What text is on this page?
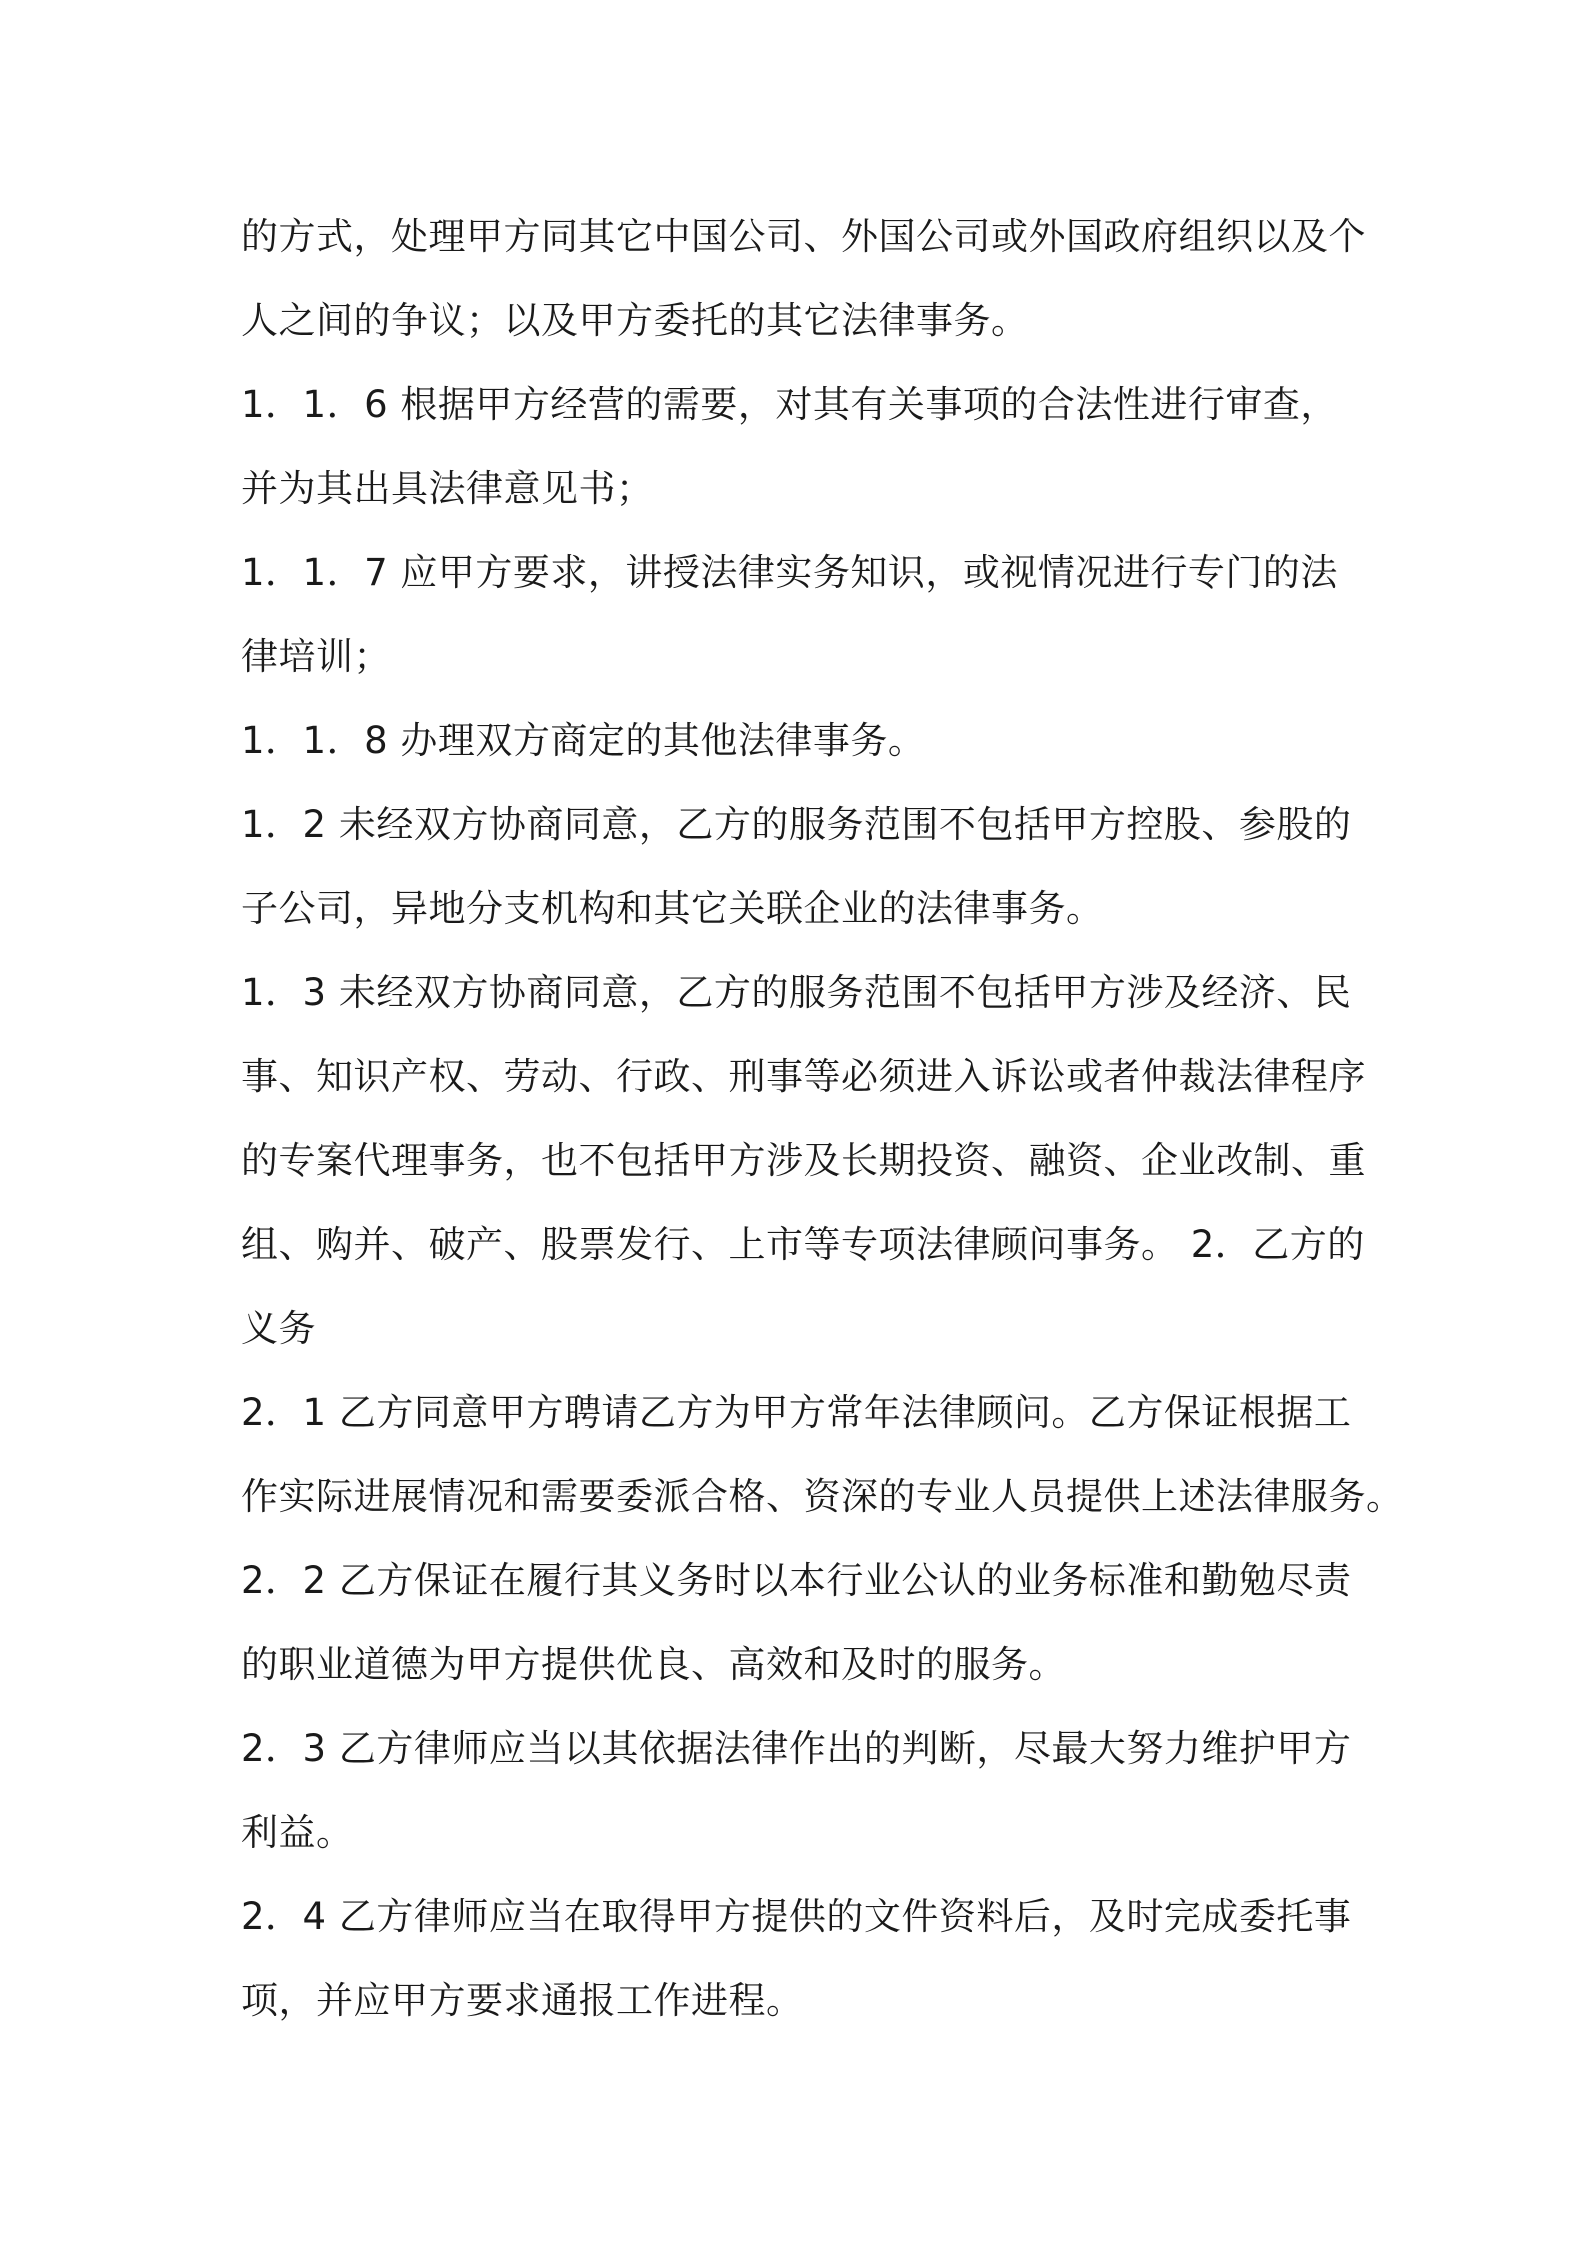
的方式，处理甲方同其它中国公司、外国公司或外国政府组织以及个
人之间的争议；以及甲方委托的其它法律事务。
1．1．6 根据甲方经营的需要，对其有关事项的合法性进行审查，
并为其出具法律意见书；
1．1．7 应甲方要求，讲授法律实务知识，或视情况进行专门的法
律培训；
1．1．8 办理双方商定的其他法律事务。
1．2 未经双方协商同意，乙方的服务范围不包括甲方控股、参股的
子公司，异地分支机构和其它关联企业的法律事务。
1．3 未经双方协商同意，乙方的服务范围不包括甲方涉及经济、民
事、知识产权、劳动、行政、刑事等必须进入诉讼或者仲裁法律程序
的专案代理事务，也不包括甲方涉及长期投资、融资、企业改制、重
组、购并、破产、股票发行、上市等专项法律顾问事务。 2．乙方的
义务
2．1 乙方同意甲方聘请乙方为甲方常年法律顾问。乙方保证根据工
作实际进展情况和需要委派合格、资深的专业人员提供上述法律服务。
2．2 乙方保证在履行其义务时以本行业公认的业务标准和勤勉尽责
的职业道德为甲方提供优良、高效和及时的服务。
2．3 乙方律师应当以其依据法律作出的判断，尽最大努力维护甲方
利益。
2．4 乙方律师应当在取得甲方提供的文件资料后，及时完成委托事
项，并应甲方要求通报工作进程。
